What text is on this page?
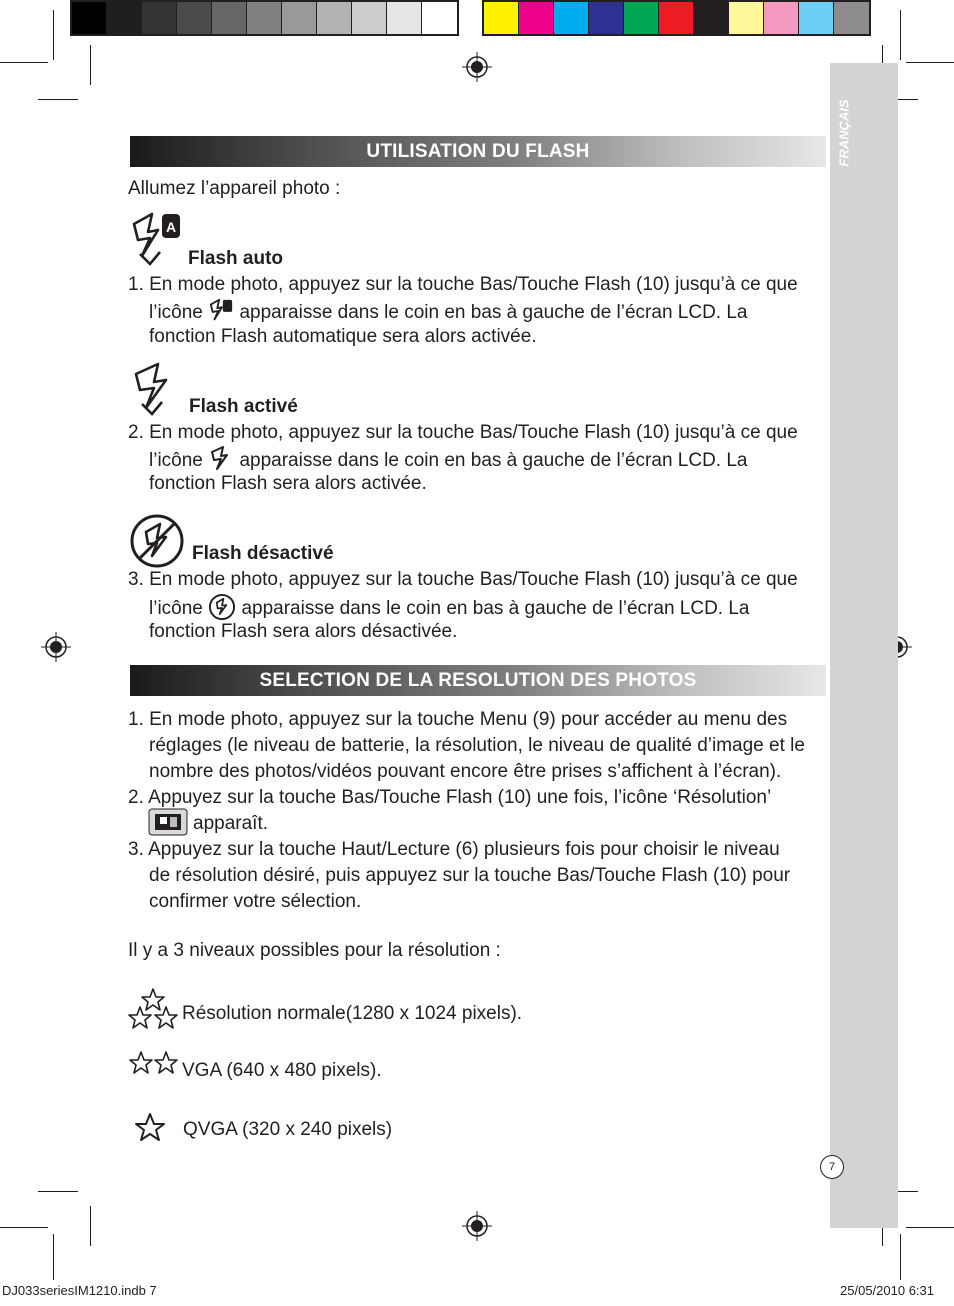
FRANÇAIS
7
UTILISATION DU FLASH
Allumez l’appareil photo :
A
Flash auto
1. En mode photo, appuyez sur la touche Bas/Touche Flash (10) jusqu’à ce que
l’icône apparaisse dans le coin en bas à gauche de l’écran LCD. La
fonction Flash automatique sera alors activée.
Flash activé
2. En mode photo, appuyez sur la touche Bas/Touche Flash (10) jusqu’à ce que
l’icône apparaisse dans le coin en bas à gauche de l’écran LCD. La
fonction Flash sera alors activée.
Flash désactivé
3. En mode photo, appuyez sur la touche Bas/Touche Flash (10) jusqu’à ce que
l’icône apparaisse dans le coin en bas à gauche de l’écran LCD. La
fonction Flash sera alors désactivée.
SELECTION DE LA RESOLUTION DES PHOTOS
1. En mode photo, appuyez sur la touche Menu (9) pour accéder au menu des
réglages (le niveau de batterie, la résolution, le niveau de qualité d’image et le
nombre des photos/vidéos pouvant encore être prises s’affichent à l’écran).
2. Appuyez sur la touche Bas/Touche Flash (10) une fois, l’icône ‘Résolution’
apparaît.
3. Appuyez sur la touche Haut/Lecture (6) plusieurs fois pour choisir le niveau
de résolution désiré, puis appuyez sur la touche Bas/Touche Flash (10) pour
confirmer votre sélection.
Il y a 3 niveaux possibles pour la résolution :
Résolution normale(1280 x 1024 pixels).
VGA (640 x 480 pixels).
QVGA (320 x 240 pixels)
DJ033seriesIM1210.indb 7	25/05/2010 6:31
